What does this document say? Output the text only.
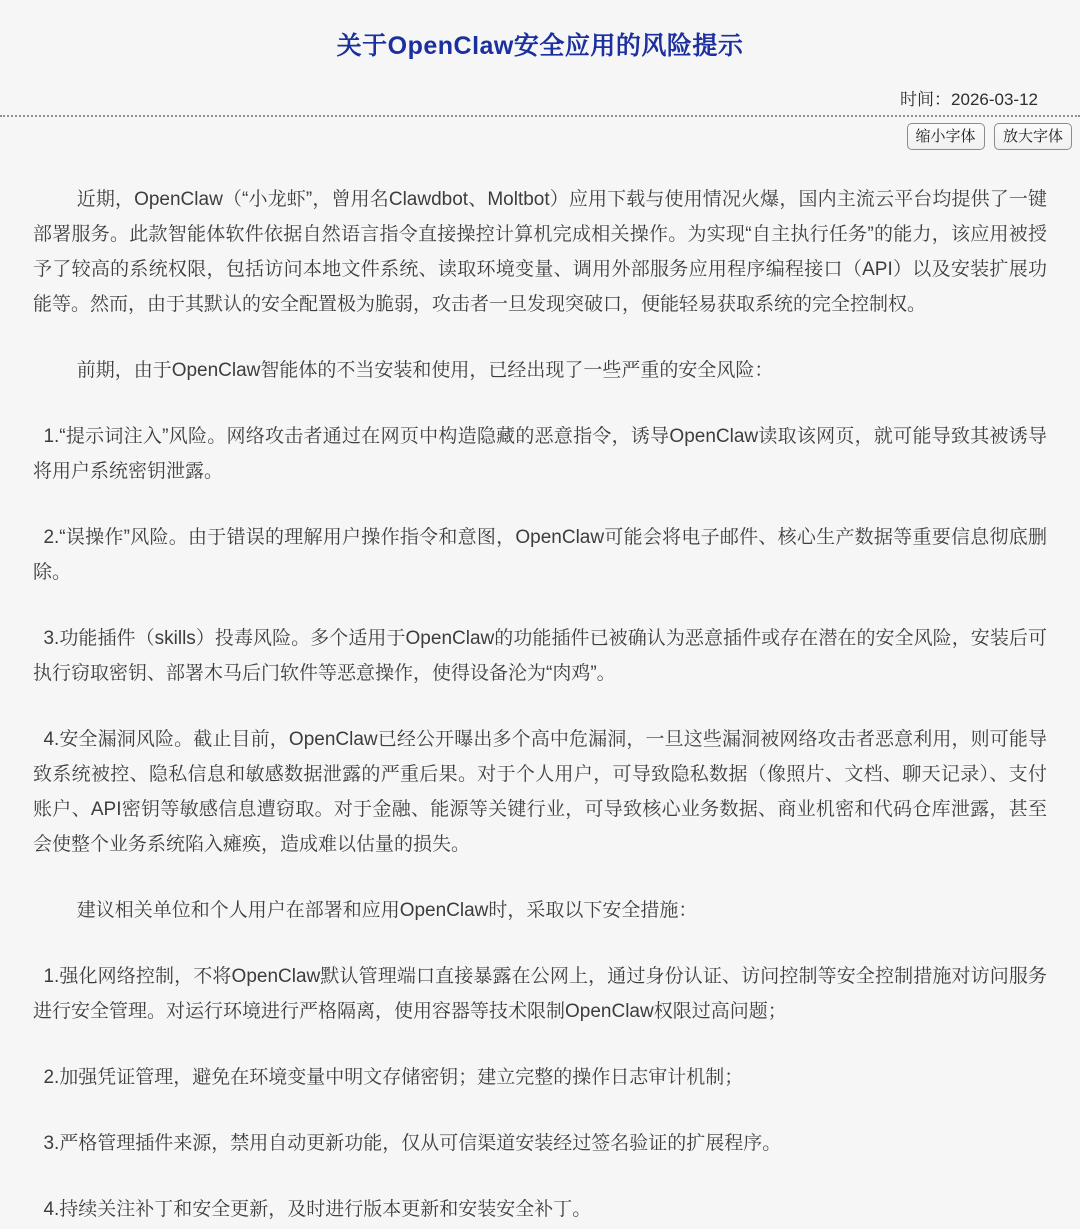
关于OpenClaw安全应用的风险提示
时间：2026-03-12
缩小字体 放大字体

近期，OpenClaw（“小龙虾”，曾用名Clawdbot、Moltbot）应用下载与使用情况火爆，国内主流云平台均提供了一键部署服务。此款智能体软件依据自然语言指令直接操控计算机完成相关操作。为实现“自主执行任务”的能力，该应用被授予了较高的系统权限，包括访问本地文件系统、读取环境变量、调用外部服务应用程序编程接口（API）以及安装扩展功能等。然而，由于其默认的安全配置极为脆弱，攻击者一旦发现突破口，便能轻易获取系统的完全控制权。

前期，由于OpenClaw智能体的不当安装和使用，已经出现了一些严重的安全风险：

1.“提示词注入”风险。网络攻击者通过在网页中构造隐藏的恶意指令，诱导OpenClaw读取该网页，就可能导致其被诱导将用户系统密钥泄露。

2.“误操作”风险。由于错误的理解用户操作指令和意图，OpenClaw可能会将电子邮件、核心生产数据等重要信息彻底删除。

3.功能插件（skills）投毒风险。多个适用于OpenClaw的功能插件已被确认为恶意插件或存在潜在的安全风险，安装后可执行窃取密钥、部署木马后门软件等恶意操作，使得设备沦为“肉鸡”。

4.安全漏洞风险。截止目前，OpenClaw已经公开曝出多个高中危漏洞，一旦这些漏洞被网络攻击者恶意利用，则可能导致系统被控、隐私信息和敏感数据泄露的严重后果。对于个人用户，可导致隐私数据（像照片、文档、聊天记录）、支付账户、API密钥等敏感信息遭窃取。对于金融、能源等关键行业，可导致核心业务数据、商业机密和代码仓库泄露，甚至会使整个业务系统陷入瘫痪，造成难以估量的损失。

建议相关单位和个人用户在部署和应用OpenClaw时，采取以下安全措施：

1.强化网络控制，不将OpenClaw默认管理端口直接暴露在公网上，通过身份认证、访问控制等安全控制措施对访问服务进行安全管理。对运行环境进行严格隔离，使用容器等技术限制OpenClaw权限过高问题；

2.加强凭证管理，避免在环境变量中明文存储密钥；建立完整的操作日志审计机制；

3.严格管理插件来源，禁用自动更新功能，仅从可信渠道安装经过签名验证的扩展程序。

4.持续关注补丁和安全更新，及时进行版本更新和安装安全补丁。
